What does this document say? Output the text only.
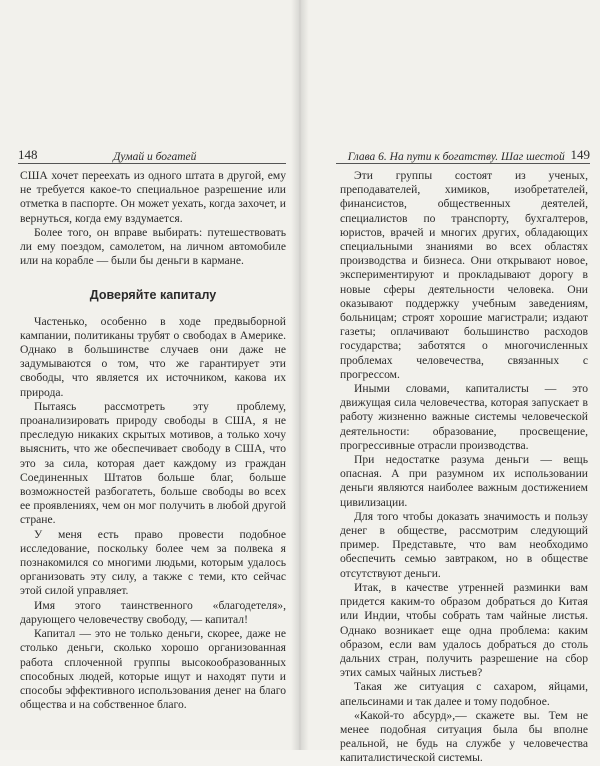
148	Думай и богатей

США хочет переехать из одного штата в другой, ему не требуется какое-то специальное разрешение или отметка в паспорте. Он может уехать, когда захочет, и вернуться, когда ему вздумается.

Более того, он вправе выбирать: путешествовать ли ему поездом, самолетом, на личном автомобиле или на корабле — были бы деньги в кармане.

Доверяйте капиталу

Частенько, особенно в ходе предвыборной кампании, политиканы трубят о свободах в Америке. Однако в большинстве случаев они даже не задумываются о том, что же гарантирует эти свободы, что является их источником, какова их природа.

Пытаясь рассмотреть эту проблему, проанализировать природу свободы в США, я не преследую никаких скрытых мотивов, а только хочу выяснить, что же обеспечивает свободу в США, что это за сила, которая дает каждому из граждан Соединенных Штатов больше благ, больше возможностей разбогатеть, больше свободы во всех ее проявлениях, чем он мог получить в любой другой стране.

У меня есть право провести подобное исследование, поскольку более чем за полвека я познакомился со многими людьми, которым удалось организовать эту силу, а также с теми, кто сейчас этой силой управляет.

Имя этого таинственного «благодетеля», дарующего человечеству свободу, — капитал!

Капитал — это не только деньги, скорее, даже не столько деньги, сколько хорошо организованная работа сплоченной группы высокообразованных способных людей, которые ищут и находят пути и способы эффективного использования денег на благо общества и на собственное благо.

Эти группы состоят из ученых, преподавателей, химиков, изобретателей, финансистов, общественных деятелей, специалистов по транспорту, бухгалтеров, юристов, врачей и многих других, обладающих специальными знаниями во всех областях производства и бизнеса. Они открывают новое, экспериментируют и прокладывают дорогу в новые сферы деятельности человека. Они оказывают поддержку учебным заведениям, больницам; строят хорошие магистрали; издают газеты; оплачивают большинство расходов государства; заботятся о многочисленных проблемах человечества, связанных с прогрессом.

Глава 6. На пути к богатству. Шаг шестой 149

Иными словами, капиталисты — это движущая сила человечества, которая запускает в работу жизненно важные системы человеческой деятельности: образование, просвещение, прогрессивные отрасли производства.

При недостатке разума деньги — вещь опасная. А при разумном их использовании деньги являются наиболее важным достижением цивилизации.

Для того чтобы доказать значимость и пользу денег в обществе, рассмотрим следующий пример. Представьте, что вам необходимо обеспечить семью завтраком, но в обществе отсутствуют деньги.

Итак, в качестве утренней разминки вам придется каким-то образом добраться до Китая или Индии, чтобы собрать там чайные листья. Однако возникает еще одна проблема: каким образом, если вам удалось добраться до столь дальних стран, получить разрешение на сбор этих самых чайных листьев?

Такая же ситуация с сахаром, яйцами, апельсинами и так далее и тому подобное.

«Какой-то абсурд»,— скажете вы. Тем не менее подобная ситуация была бы вполне реальной, не будь на службе у человечества капиталистической системы.
